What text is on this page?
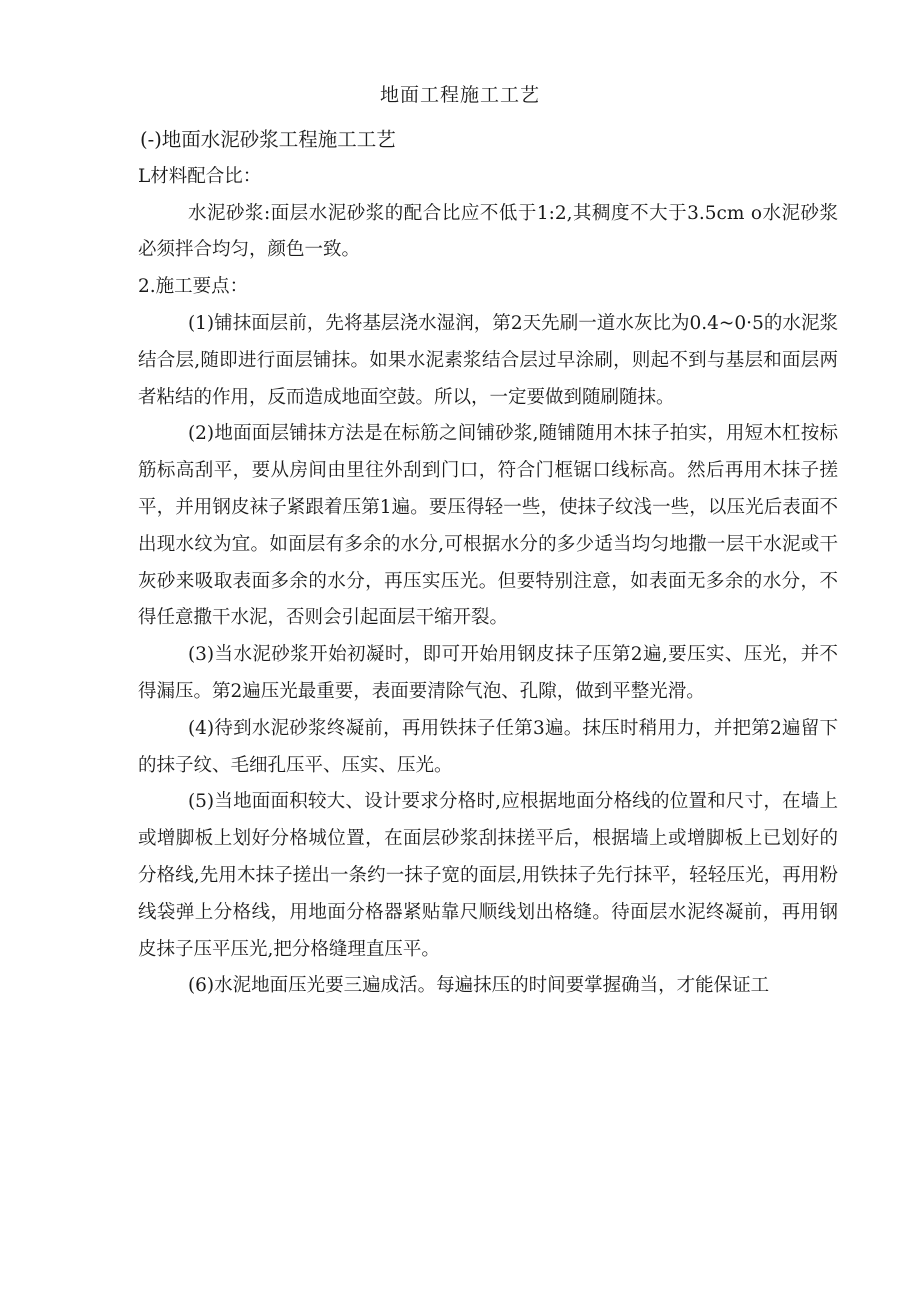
地面工程施工工艺

(-)地面水泥砂浆工程施工工艺

L材料配合比：

水泥砂浆:面层水泥砂浆的配合比应不低于1:2,其稠度不大于3.5cm o水泥砂浆必须拌合均匀，颜色一致。

2.施工要点：

(1)铺抹面层前，先将基层浇水湿润，第2天先刷一道水灰比为0.4~0·5的水泥浆结合层,随即进行面层铺抹。如果水泥素浆结合层过早涂刷，则起不到与基层和面层两者粘结的作用，反而造成地面空鼓。所以，一定要做到随刷随抹。

(2)地面面层铺抹方法是在标筋之间铺砂浆,随铺随用木抹子拍实，用短木杠按标筋标高刮平，要从房间由里往外刮到门口，符合门框锯口线标高。然后再用木抹子搓平，并用钢皮袜子紧跟着压第1遍。要压得轻一些，使抹子纹浅一些，以压光后表面不出现水纹为宜。如面层有多余的水分,可根据水分的多少适当均匀地撒一层干水泥或干灰砂来吸取表面多余的水分，再压实压光。但要特别注意，如表面无多余的水分，不得任意撒干水泥，否则会引起面层干缩开裂。

(3)当水泥砂浆开始初凝时，即可开始用钢皮抹子压第2遍,要压实、压光，并不得漏压。第2遍压光最重要，表面要清除气泡、孔隙，做到平整光滑。

(4)待到水泥砂浆终凝前，再用铁抹子任第3遍。抹压时稍用力，并把第2遍留下的抹子纹、毛细孔压平、压实、压光。

(5)当地面面积较大、设计要求分格时,应根据地面分格线的位置和尺寸，在墙上或增脚板上划好分格城位置，在面层砂浆刮抹搓平后，根据墙上或增脚板上已划好的分格线,先用木抹子搓出一条约一抹子宽的面层,用铁抹子先行抹平，轻轻压光，再用粉线袋弹上分格线，用地面分格器紧贴靠尺顺线划出格缝。待面层水泥终凝前，再用钢皮抹子压平压光,把分格缝理直压平。

(6)水泥地面压光要三遍成活。每遍抹压的时间要掌握确当，才能保证工
